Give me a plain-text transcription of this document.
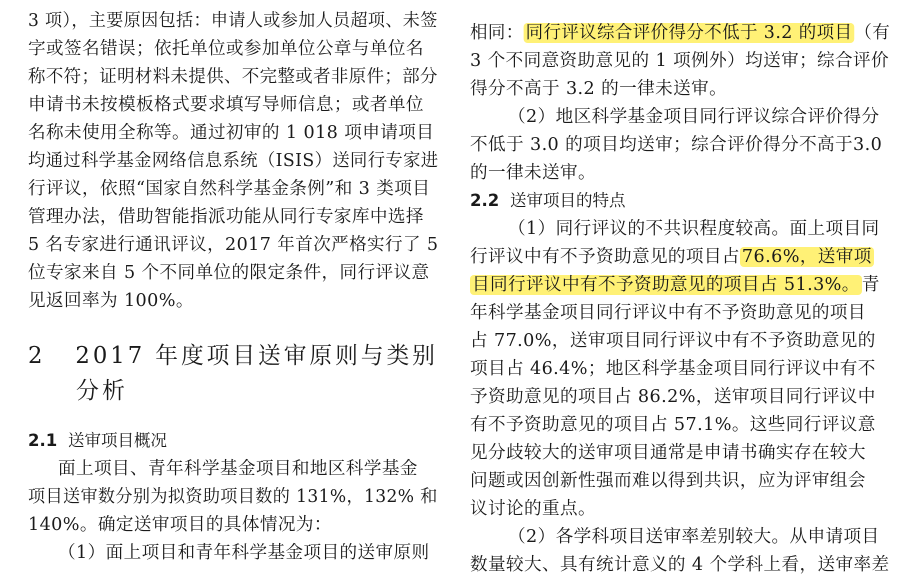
3 项），主要原因包括：申请人或参加人员超项、未签
字或签名错误；依托单位或参加单位公章与单位名
称不符；证明材料未提供、不完整或者非原件；部分
申请书未按模板格式要求填写导师信息；或者单位
名称未使用全称等。通过初审的 1 018 项申请项目
均通过科学基金网络信息系统（ISIS）送同行专家进
行评议，依照“国家自然科学基金条例”和 3 类项目
管理办法，借助智能指派功能从同行专家库中选择
5 名专家进行通讯评议，2017 年首次严格实行了 5
位专家来自 5 个不同单位的限定条件，同行评议意
见返回率为 100%。
2 2017 年度项目送审原则与类别
分析
2.1 送审项目概况
面上项目、青年科学基金项目和地区科学基金
项目送审数分别为拟资助项目数的 131%，132% 和
140%。确定送审项目的具体情况为：
（1）面上项目和青年科学基金项目的送审原则
相同： 同行评议综合评价得分不低于 3.2 的项目 （有
3 个不同意资助意见的 1 项例外）均送审；综合评价
得分不高于 3.2 的一律未送审。
（2）地区科学基金项目同行评议综合评价得分
不低于 3.0 的项目均送审；综合评价得分不高于3.0
的一律未送审。
2.2 送审项目的特点
（1）同行评议的不共识程度较高。面上项目同
行评议中有不予资助意见的项目占 76.6%，送审项
目同行评议中有不予资助意见的项目占 51.3%。 青
年科学基金项目同行评议中有不予资助意见的项目
占 77.0%，送审项目同行评议中有不予资助意见的
项目占 46.4%；地区科学基金项目同行评议中有不
予资助意见的项目占 86.2%，送审项目同行评议中
有不予资助意见的项目占 57.1%。这些同行评议意
见分歧较大的送审项目通常是申请书确实存在较大
问题或因创新性强而难以得到共识，应为评审组会
议讨论的重点。
（2）各学科项目送审率差别较大。从申请项目
数量较大、具有统计意义的 4 个学科上看，送审率差
